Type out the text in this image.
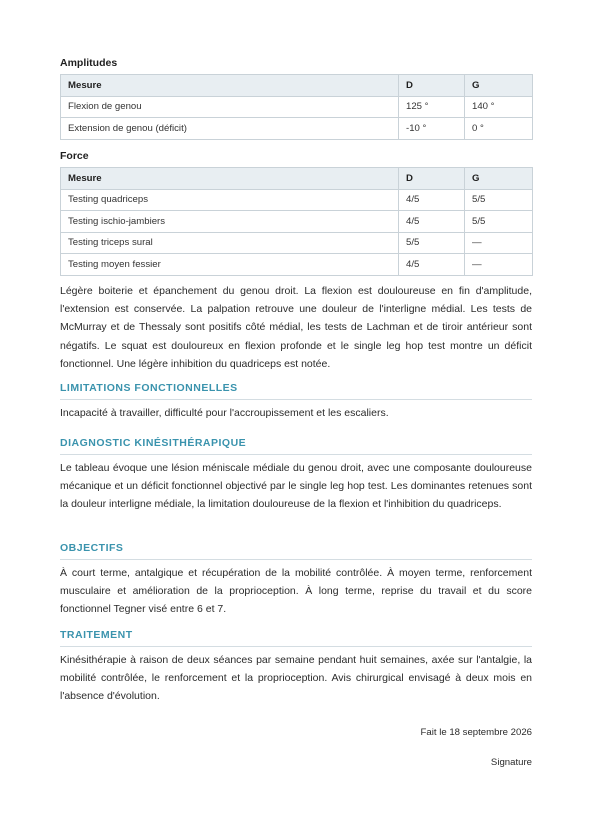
Amplitudes
Mesure	D	G
Flexion de genou	125 °	140 °
Extension de genou (déficit)	-10 °	0 °
Force
Mesure	D	G
Testing quadriceps	4/5	5/5
Testing ischio-jambiers	4/5	5/5
Testing triceps sural	5/5	—
Testing moyen fessier	4/5	—

Légère boiterie et épanchement du genou droit. La flexion est douloureuse en fin d'amplitude, l'extension est conservée. La palpation retrouve une douleur de l'interligne médial. Les tests de McMurray et de Thessaly sont positifs côté médial, les tests de Lachman et de tiroir antérieur sont négatifs. Le squat est douloureux en flexion profonde et le single leg hop test montre un déficit fonctionnel. Une légère inhibition du quadriceps est notée.

LIMITATIONS FONCTIONNELLES

Incapacité à travailler, difficulté pour l'accroupissement et les escaliers.

DIAGNOSTIC KINÉSITHÉRAPIQUE

Le tableau évoque une lésion méniscale médiale du genou droit, avec une composante douloureuse mécanique et un déficit fonctionnel objectivé par le single leg hop test. Les dominantes retenues sont la douleur interligne médiale, la limitation douloureuse de la flexion et l'inhibition du quadriceps.

OBJECTIFS

À court terme, antalgique et récupération de la mobilité contrôlée. À moyen terme, renforcement musculaire et amélioration de la proprioception. À long terme, reprise du travail et du score fonctionnel Tegner visé entre 6 et 7.

TRAITEMENT

Kinésithérapie à raison de deux séances par semaine pendant huit semaines, axée sur l'antalgie, la mobilité contrôlée, le renforcement et la proprioception. Avis chirurgical envisagé à deux mois en l'absence d'évolution.

Fait le 18 septembre 2026
Signature
